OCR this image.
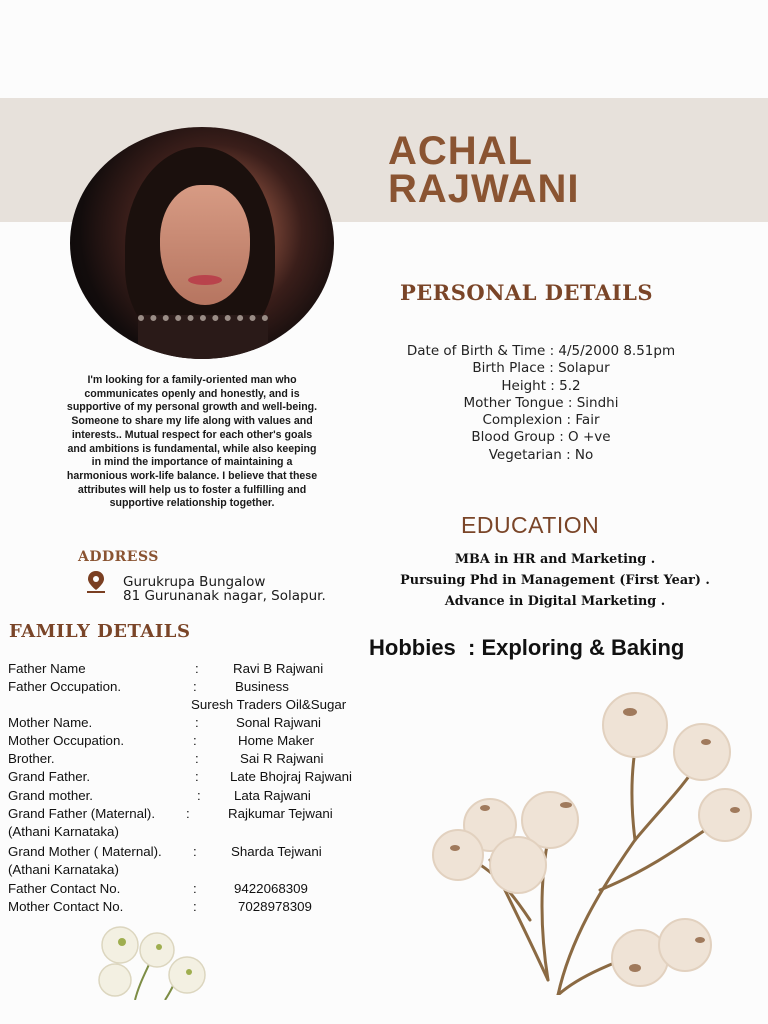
ACHAL
RAJWANI
PERSONAL DETAILS
Date of Birth & Time : 4/5/2000 8.51pm
Birth Place : Solapur
Height : 5.2
Mother Tongue : Sindhi
Complexion : Fair
Blood Group : O +ve
Vegetarian : No
I'm looking for a family-oriented man who communicates openly and honestly, and is supportive of my personal growth and well-being. Someone to share my life along with values and interests.. Mutual respect for each other's goals and ambitions is fundamental, while also keeping in mind the importance of maintaining a harmonious work-life balance. I believe that these attributes will help us to foster a fulfilling and supportive relationship together.
EDUCATION
MBA in HR and Marketing .
Pursuing Phd in Management (First Year) .
Advance in Digital Marketing .
ADDRESS
Gurukrupa Bungalow
81 Gurunanak nagar, Solapur.
FAMILY DETAILS
Hobbies  : Exploring & Baking
Father Name	:	Ravi B Rajwani
Father Occupation.	:	Business
Suresh Traders Oil&Sugar
Mother Name.	:	Sonal Rajwani
Mother Occupation.	:	Home Maker
Brother.	:	Sai R Rajwani
Grand Father.	: Late Bhojraj Rajwani
Grand mother.	:	Lata Rajwani
Grand Father (Maternal). :	Rajkumar Tejwani
(Athani Karnataka)
Grand Mother ( Maternal). :	Sharda Tejwani
(Athani Karnataka)
Father Contact No.	:	9422068309
Mother Contact No.	:	7028978309
